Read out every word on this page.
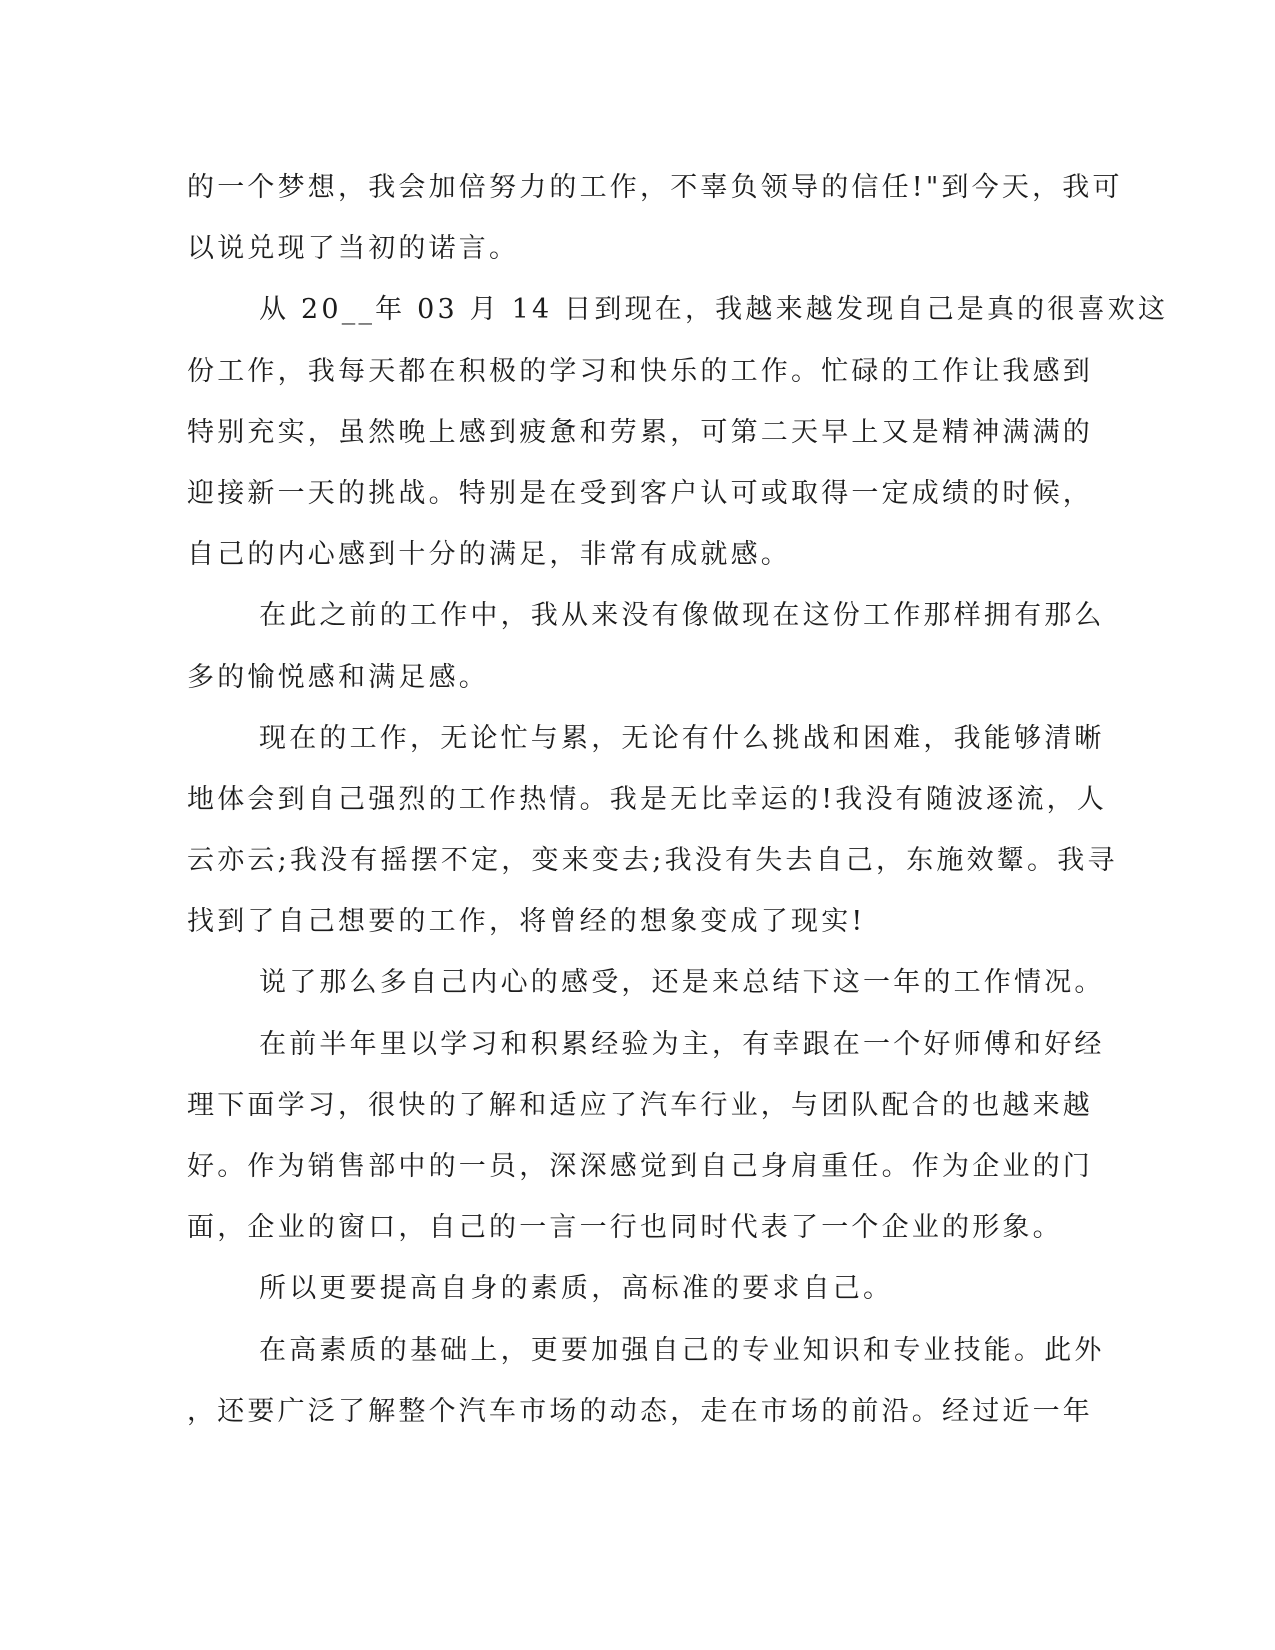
的一个梦想，我会加倍努力的工作，不辜负领导的信任!"到今天，我可
以说兑现了当初的诺言。
从 20__年 03 月 14 日到现在，我越来越发现自己是真的很喜欢这
份工作，我每天都在积极的学习和快乐的工作。忙碌的工作让我感到
特别充实，虽然晚上感到疲惫和劳累，可第二天早上又是精神满满的
迎接新一天的挑战。特别是在受到客户认可或取得一定成绩的时候，
自己的内心感到十分的满足，非常有成就感。
在此之前的工作中，我从来没有像做现在这份工作那样拥有那么
多的愉悦感和满足感。
现在的工作，无论忙与累，无论有什么挑战和困难，我能够清晰
地体会到自己强烈的工作热情。我是无比幸运的!我没有随波逐流，人
云亦云;我没有摇摆不定，变来变去;我没有失去自己，东施效颦。我寻
找到了自己想要的工作，将曾经的想象变成了现实!
说了那么多自己内心的感受，还是来总结下这一年的工作情况。
在前半年里以学习和积累经验为主，有幸跟在一个好师傅和好经
理下面学习，很快的了解和适应了汽车行业，与团队配合的也越来越
好。作为销售部中的一员，深深感觉到自己身肩重任。作为企业的门
面，企业的窗口，自己的一言一行也同时代表了一个企业的形象。
所以更要提高自身的素质，高标准的要求自己。
在高素质的基础上，更要加强自己的专业知识和专业技能。此外
，还要广泛了解整个汽车市场的动态，走在市场的前沿。经过近一年
